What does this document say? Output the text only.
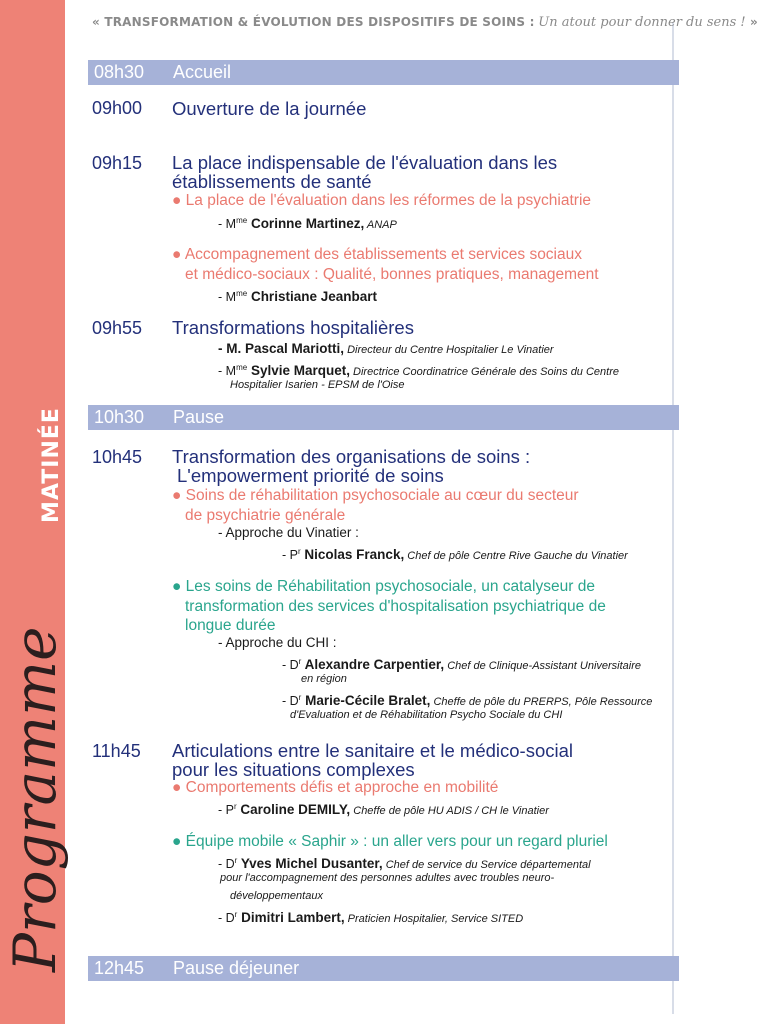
MATINÉE
Programme
« TRANSFORMATION & ÉVOLUTION DES DISPOSITIFS DE SOINS : Un atout pour donner du sens ! »
08h30 Accueil
09h00 Ouverture de la journée
09h15 La place indispensable de l'évaluation dans les
établissements de santé
● La place de l'évaluation dans les réformes de la psychiatrie
- $M^{me}$ Corinne Martinez, ANAP
● Accompagnement des établissements et services sociaux
et médico-sociaux : Qualité, bonnes pratiques, management
- $M^{me}$ Christiane Jeanbart
09h55 Transformations hospitalières
- M. Pascal Mariotti, Directeur du Centre Hospitalier Le Vinatier
- $M^{me}$ Sylvie Marquet, Directrice Coordinatrice Générale des Soins du Centre
Hospitalier Isarien - EPSM de l'Oise
10h30 Pause
10h45 Transformation des organisations de soins :
L'empowerment priorité de soins
● Soins de réhabilitation psychosociale au cœur du secteur
de psychiatrie générale
- Approche du Vinatier :
- $P^r$ Nicolas Franck, Chef de pôle Centre Rive Gauche du Vinatier
● Les soins de Réhabilitation psychosociale, un catalyseur de
transformation des services d'hospitalisation psychiatrique de
longue durée
- Approche du CHI :
- $D^r$ Alexandre Carpentier, Chef de Clinique-Assistant Universitaire
en région
- $D^r$ Marie-Cécile Bralet, Cheffe de pôle du PRERPS, Pôle Ressource
d'Evaluation et de Réhabilitation Psycho Sociale du CHI
11h45 Articulations entre le sanitaire et le médico-social
pour les situations complexes
● Comportements défis et approche en mobilité
- $P^r$ Caroline DEMILY, Cheffe de pôle HU ADIS / CH le Vinatier
● Équipe mobile « Saphir » : un aller vers pour un regard pluriel
- $D^r$ Yves Michel Dusanter, Chef de service du Service départemental
pour l'accompagnement des personnes adultes avec troubles neuro-
développementaux
- $D^r$ Dimitri Lambert, Praticien Hospitalier, Service SITED
12h45 Pause déjeuner
